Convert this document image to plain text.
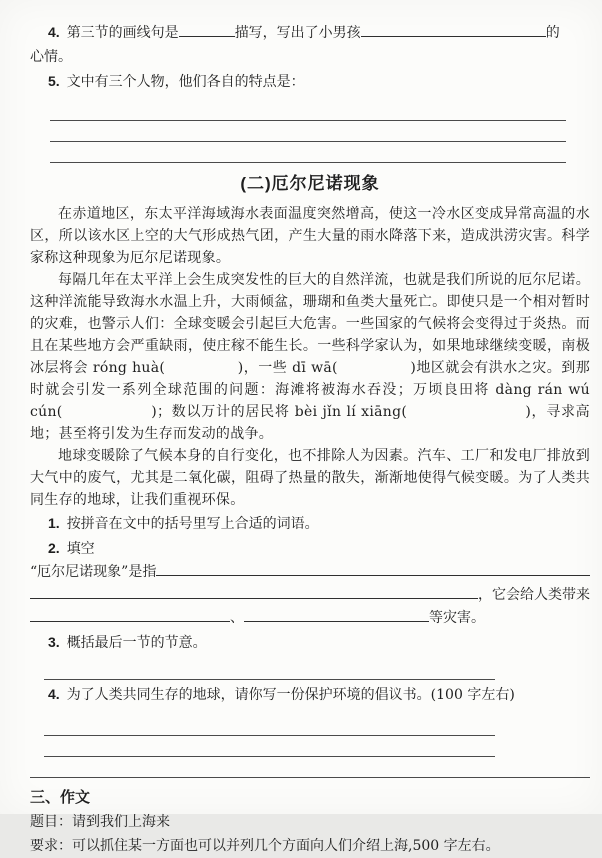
4. 第三节的画线句是	描写，写出了小男孩	的
心情。
5. 文中有三个人物，他们各自的特点是：
(二)厄尔尼诺现象

在赤道地区，东太平洋海域海水表面温度突然增高，使这一冷水区变成异常高温的水区，所以该水区上空的大气形成热气团，产生大量的雨水降落下来，造成洪涝灾害。科学家称这种现象为厄尔尼诺现象。

每隔几年在太平洋上会生成突发性的巨大的自然洋流，也就是我们所说的厄尔尼诺。这种洋流能导致海水水温上升，大雨倾盆，珊瑚和鱼类大量死亡。即使只是一个相对暂时的灾难，也警示人们：全球变暖会引起巨大危害。一些国家的气候将会变得过于炎热。而且在某些地方会严重缺雨，使庄稼不能生长。一些科学家认为，如果地球继续变暖，南极冰层将会 róng huà(　　　　　)，一些 dī wā(　　　　　)地区就会有洪水之灾。到那时就会引发一系列全球范围的问题：海滩将被海水吞没；万顷良田将 dàng rán wú cún(　　　　　　)；数以万计的居民将 bèi jǐn lí xiāng(　　　　　　　　)，寻求高地；甚至将引发为生存而发动的战争。

地球变暖除了气候本身的自行变化，也不排除人为因素。汽车、工厂和发电厂排放到大气中的废气，尤其是二氧化碳，阻碍了热量的散失，渐渐地使得气候变暖。为了人类共同生存的地球，让我们重视环保。

1. 按拼音在文中的括号里写上合适的词语。
2. 填空
“厄尔尼诺现象”是指
，它会给人类带来
、	等灾害。
3. 概括最后一节的节意。
4. 为了人类共同生存的地球，请你写一份保护环境的倡议书。(100 字左右)
三、作文
题目：请到我们上海来
要求：可以抓住某一方面也可以并列几个方面向人们介绍上海,500 字左右。
